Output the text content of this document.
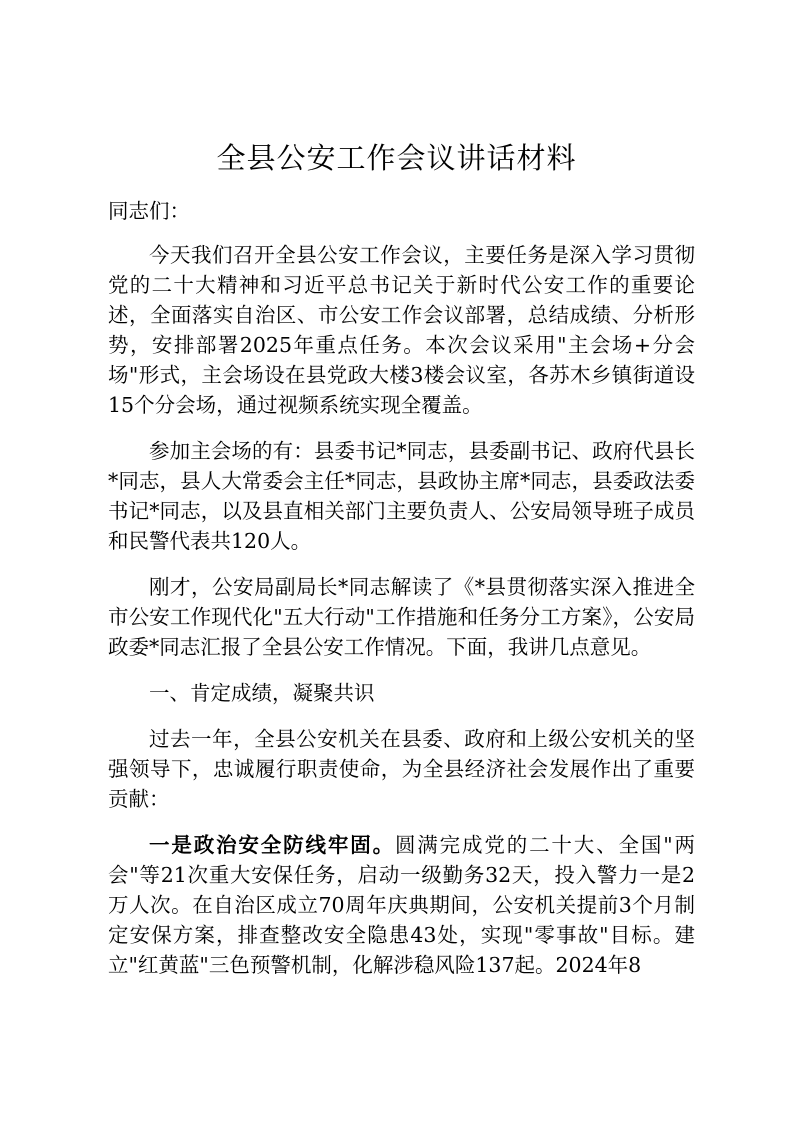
全县公安工作会议讲话材料

同志们：

今天我们召开全县公安工作会议，主要任务是深入学习贯彻党的二十大精神和习近平总书记关于新时代公安工作的重要论述，全面落实自治区、市公安工作会议部署，总结成绩、分析形势，安排部署2025年重点任务。本次会议采用"主会场+分会场"形式，主会场设在县党政大楼3楼会议室，各苏木乡镇街道设15个分会场，通过视频系统实现全覆盖。

参加主会场的有：县委书记*同志，县委副书记、政府代县长*同志，县人大常委会主任*同志，县政协主席*同志，县委政法委书记*同志，以及县直相关部门主要负责人、公安局领导班子成员和民警代表共120人。

刚才，公安局副局长*同志解读了《*县贯彻落实深入推进全市公安工作现代化"五大行动"工作措施和任务分工方案》，公安局政委*同志汇报了全县公安工作情况。下面，我讲几点意见。

一、肯定成绩，凝聚共识

过去一年，全县公安机关在县委、政府和上级公安机关的坚强领导下，忠诚履行职责使命，为全县经济社会发展作出了重要贡献：

一是政治安全防线牢固。圆满完成党的二十大、全国"两会"等21次重大安保任务，启动一级勤务32天，投入警力一是2万人次。在自治区成立70周年庆典期间，公安机关提前3个月制定安保方案，排查整改安全隐患43处，实现"零事故"目标。建立"红黄蓝"三色预警机制，化解涉稳风险137起。2024年8
